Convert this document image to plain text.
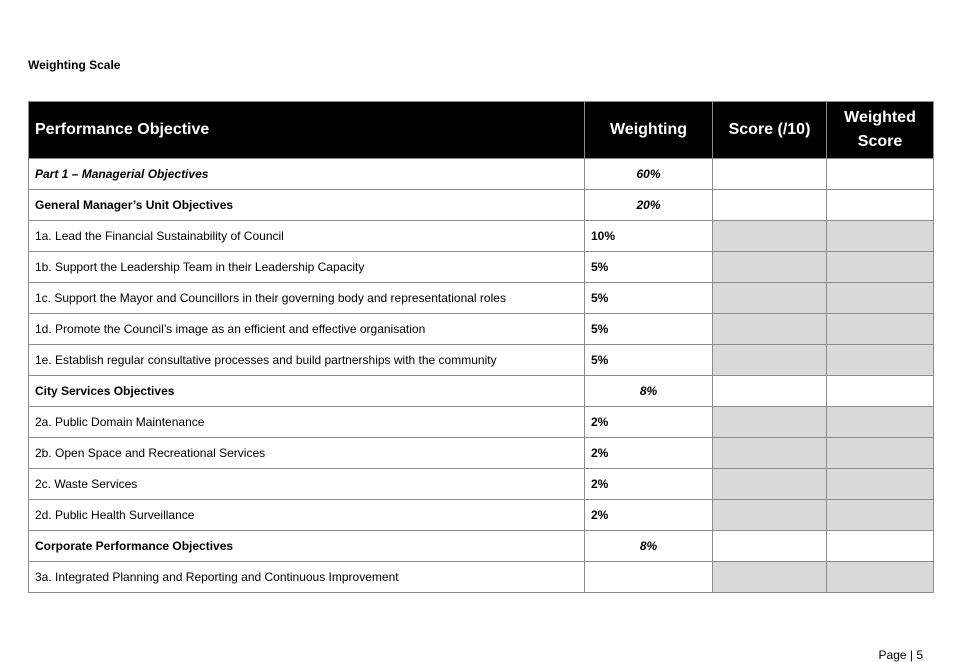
Weighting Scale
Performance Objective	Weighting	Score (/10)	Weighted
Score
Part 1 – Managerial Objectives	60%		
General Manager’s Unit Objectives	20%		
1a. Lead the Financial Sustainability of Council	10%		
1b. Support the Leadership Team in their Leadership Capacity	5%		
1c. Support the Mayor and Councillors in their governing body and representational roles	5%		
1d. Promote the Council’s image as an efficient and effective organisation	5%		
1e. Establish regular consultative processes and build partnerships with the community	5%		
City Services Objectives	8%		
2a. Public Domain Maintenance	2%		
2b. Open Space and Recreational Services	2%		
2c. Waste Services	2%		
2d. Public Health Surveillance	2%		
Corporate Performance Objectives	8%		
3a. Integrated Planning and Reporting and Continuous Improvement			
Page | 5
